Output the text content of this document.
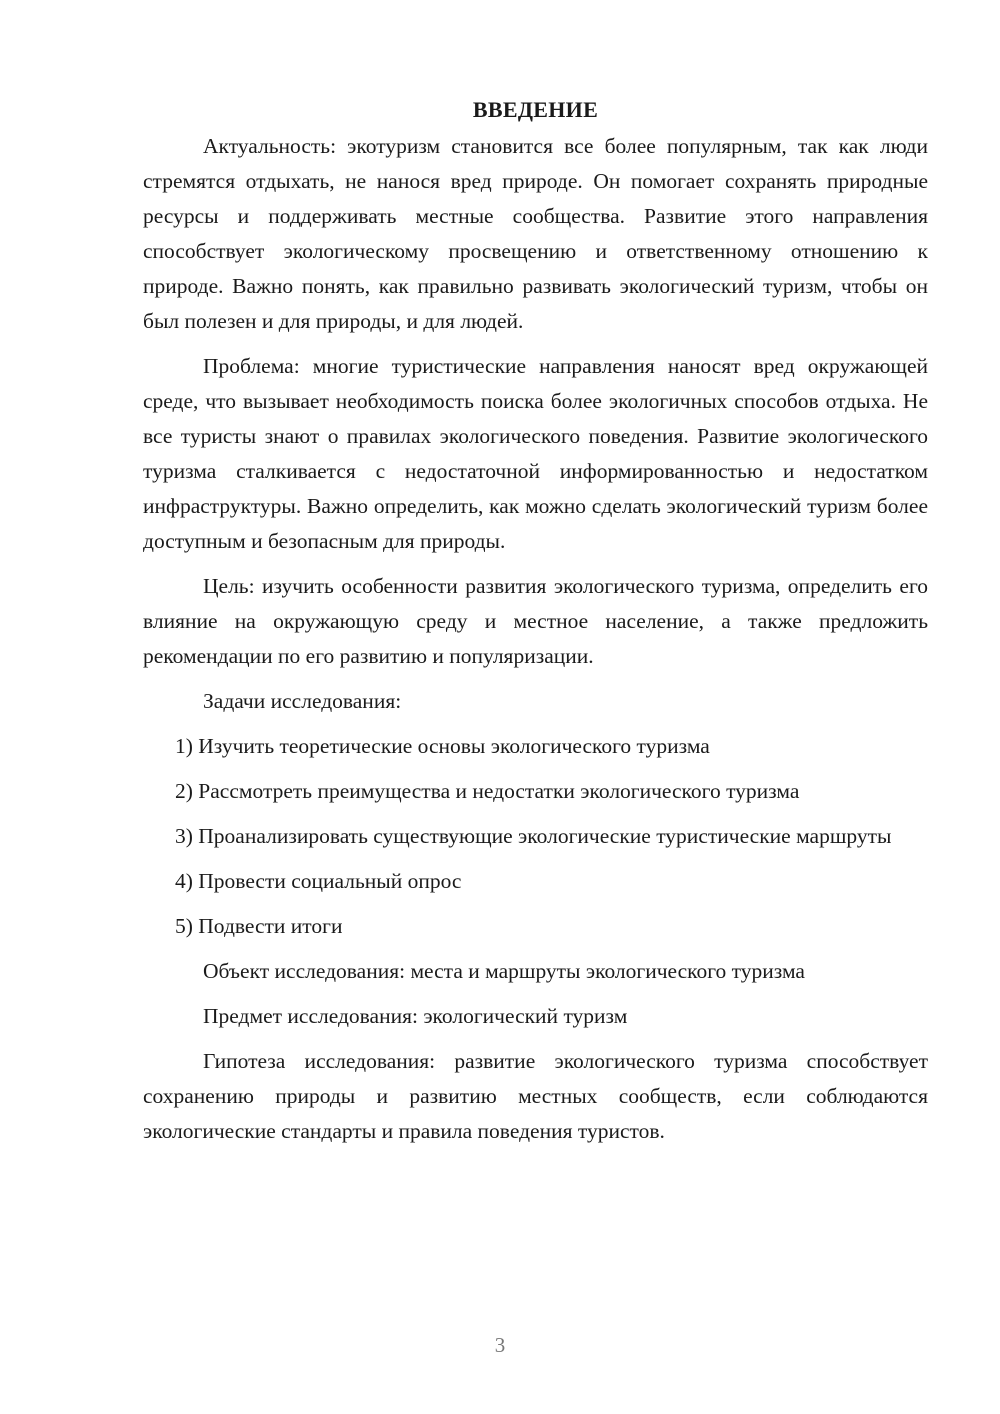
ВВЕДЕНИЕ

Актуальность: экотуризм становится все более популярным, так как люди стремятся отдыхать, не нанося вред природе. Он помогает сохранять природные ресурсы и поддерживать местные сообщества. Развитие этого направления способствует экологическому просвещению и ответственному отношению к природе. Важно понять, как правильно развивать экологический туризм, чтобы он был полезен и для природы, и для людей.

Проблема: многие туристические направления наносят вред окружающей среде, что вызывает необходимость поиска более экологичных способов отдыха. Не все туристы знают о правилах экологического поведения. Развитие экологического туризма сталкивается с недостаточной информированностью и недостатком инфраструктуры. Важно определить, как можно сделать экологический туризм более доступным и безопасным для природы.

Цель: изучить особенности развития экологического туризма, определить его влияние на окружающую среду и местное население, а также предложить рекомендации по его развитию и популяризации.

Задачи исследования:

1) Изучить теоретические основы экологического туризма

2) Рассмотреть преимущества и недостатки экологического туризма

3) Проанализировать существующие экологические туристические маршруты

4) Провести социальный опрос

5) Подвести итоги

Объект исследования: места и маршруты экологического туризма

Предмет исследования: экологический туризм

Гипотеза исследования: развитие экологического туризма способствует сохранению природы и развитию местных сообществ, если соблюдаются экологические стандарты и правила поведения туристов.

3
